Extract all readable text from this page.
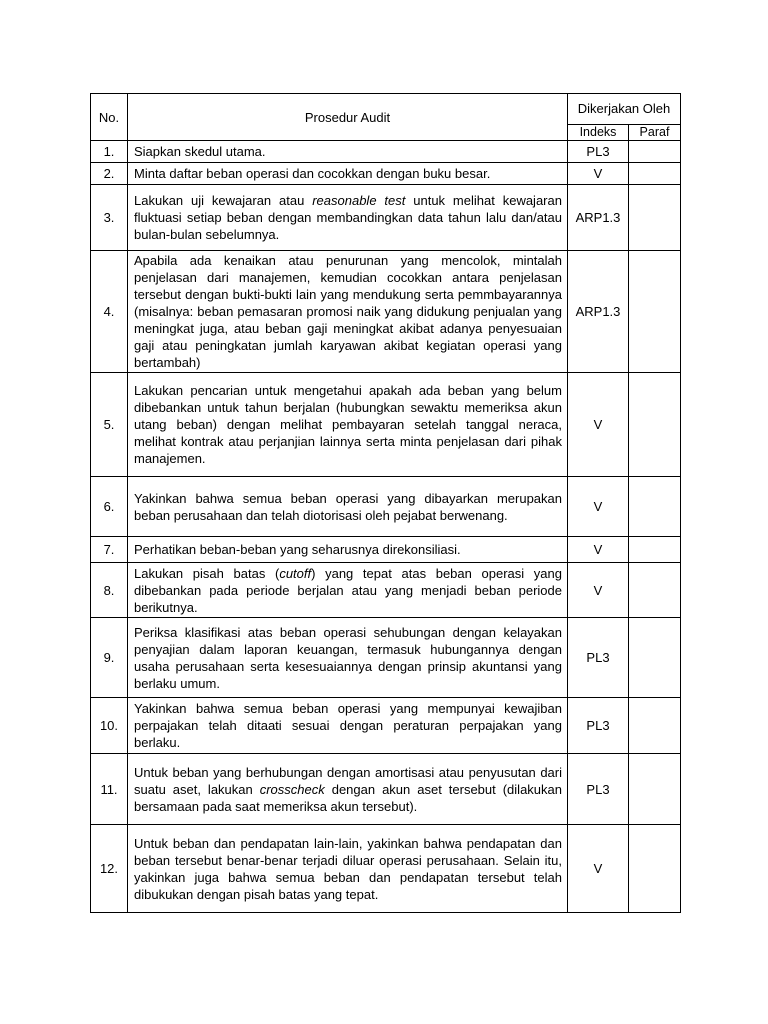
No.	Prosedur Audit	Dikerjakan Oleh	
		Indeks	Paraf
1.	Siapkan skedul utama.	PL3	
2.	Minta daftar beban operasi dan cocokkan dengan buku besar.	V	
3.	Lakukan uji kewajaran atau reasonable test untuk melihat kewajaran fluktuasi setiap beban dengan membandingkan data tahun lalu dan/atau bulan-bulan sebelumnya.	ARP1.3	
4.	Apabila ada kenaikan atau penurunan yang mencolok, mintalah penjelasan dari manajemen, kemudian cocokkan antara penjelasan tersebut dengan bukti-bukti lain yang mendukung serta pemmbayarannya (misalnya: beban pemasaran promosi naik yang didukung penjualan yang meningkat juga, atau beban gaji meningkat akibat adanya penyesuaian gaji atau peningkatan jumlah karyawan akibat kegiatan operasi yang bertambah)	ARP1.3	
5.	Lakukan pencarian untuk mengetahui apakah ada beban yang belum dibebankan untuk tahun berjalan (hubungkan sewaktu memeriksa akun utang beban) dengan melihat pembayaran setelah tanggal neraca, melihat kontrak atau perjanjian lainnya serta minta penjelasan dari pihak manajemen.	V	
6.	Yakinkan bahwa semua beban operasi yang dibayarkan merupakan beban perusahaan dan telah diotorisasi oleh pejabat berwenang.	V	
7.	Perhatikan beban-beban yang seharusnya direkonsiliasi.	V	
8.	Lakukan pisah batas (cutoff) yang tepat atas beban operasi yang dibebankan pada periode berjalan atau yang menjadi beban periode berikutnya.	V	
9.	Periksa klasifikasi atas beban operasi sehubungan dengan kelayakan penyajian dalam laporan keuangan, termasuk hubungannya dengan usaha perusahaan serta kesesuaiannya dengan prinsip akuntansi yang berlaku umum.	PL3	
10.	Yakinkan bahwa semua beban operasi yang mempunyai kewajiban perpajakan telah ditaati sesuai dengan peraturan perpajakan yang berlaku.	PL3	
11.	Untuk beban yang berhubungan dengan amortisasi atau penyusutan dari suatu aset, lakukan crosscheck dengan akun aset tersebut (dilakukan bersamaan pada saat memeriksa akun tersebut).	PL3	
12.	Untuk beban dan pendapatan lain-lain, yakinkan bahwa pendapatan dan beban tersebut benar-benar terjadi diluar operasi perusahaan. Selain itu, yakinkan juga bahwa semua beban dan pendapatan tersebut telah dibukukan dengan pisah batas yang tepat.	V	
